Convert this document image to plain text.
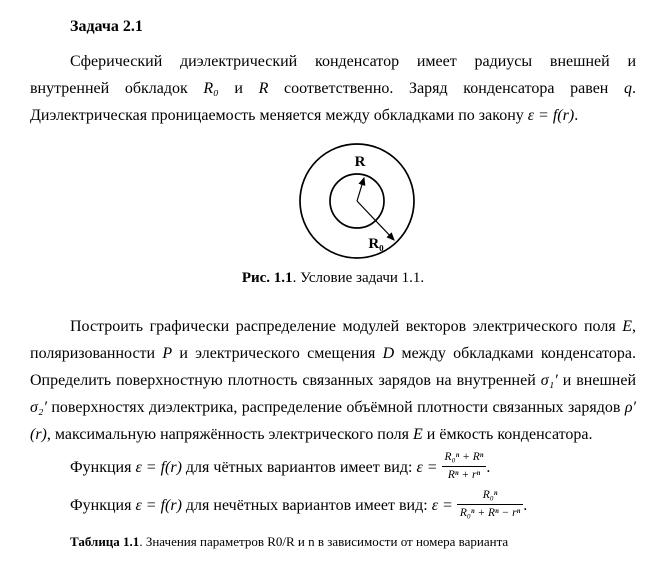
Задача 2.1

Сферический диэлектрический конденсатор имеет радиусы внешней и внутренней обкладок R₀ и R соответственно. Заряд конденсатора равен q. Диэлектрическая проницаемость меняется между обкладками по закону ε = f(r).

R
R₀
Рис. 1.1. Условие задачи 1.1.

Построить графически распределение модулей векторов электрического поля E, поляризованности P и электрического смещения D между обкладками конденсатора. Определить поверхностную плотность связанных зарядов на внутренней σ₁′ и внешней σ₂′ поверхностях диэлектрика, распределение объёмной плотности связанных зарядов ρ′(r), максимальную напряжённость электрического поля E и ёмкость конденсатора.

Функция ε = f(r) для чётных вариантов имеет вид: $\varepsilon = \frac{\text{R₀ⁿ + Rⁿ}}{\text{Rⁿ + rⁿ}}$ .
Функция ε = f(r) для нечётных вариантов имеет вид: $\varepsilon = \frac{\text{R₀ⁿ}}{\text{R₀ⁿ + Rⁿ − rⁿ}}$ .
Таблица 1.1. Значения параметров R0/R и n в зависимости от номера варианта
